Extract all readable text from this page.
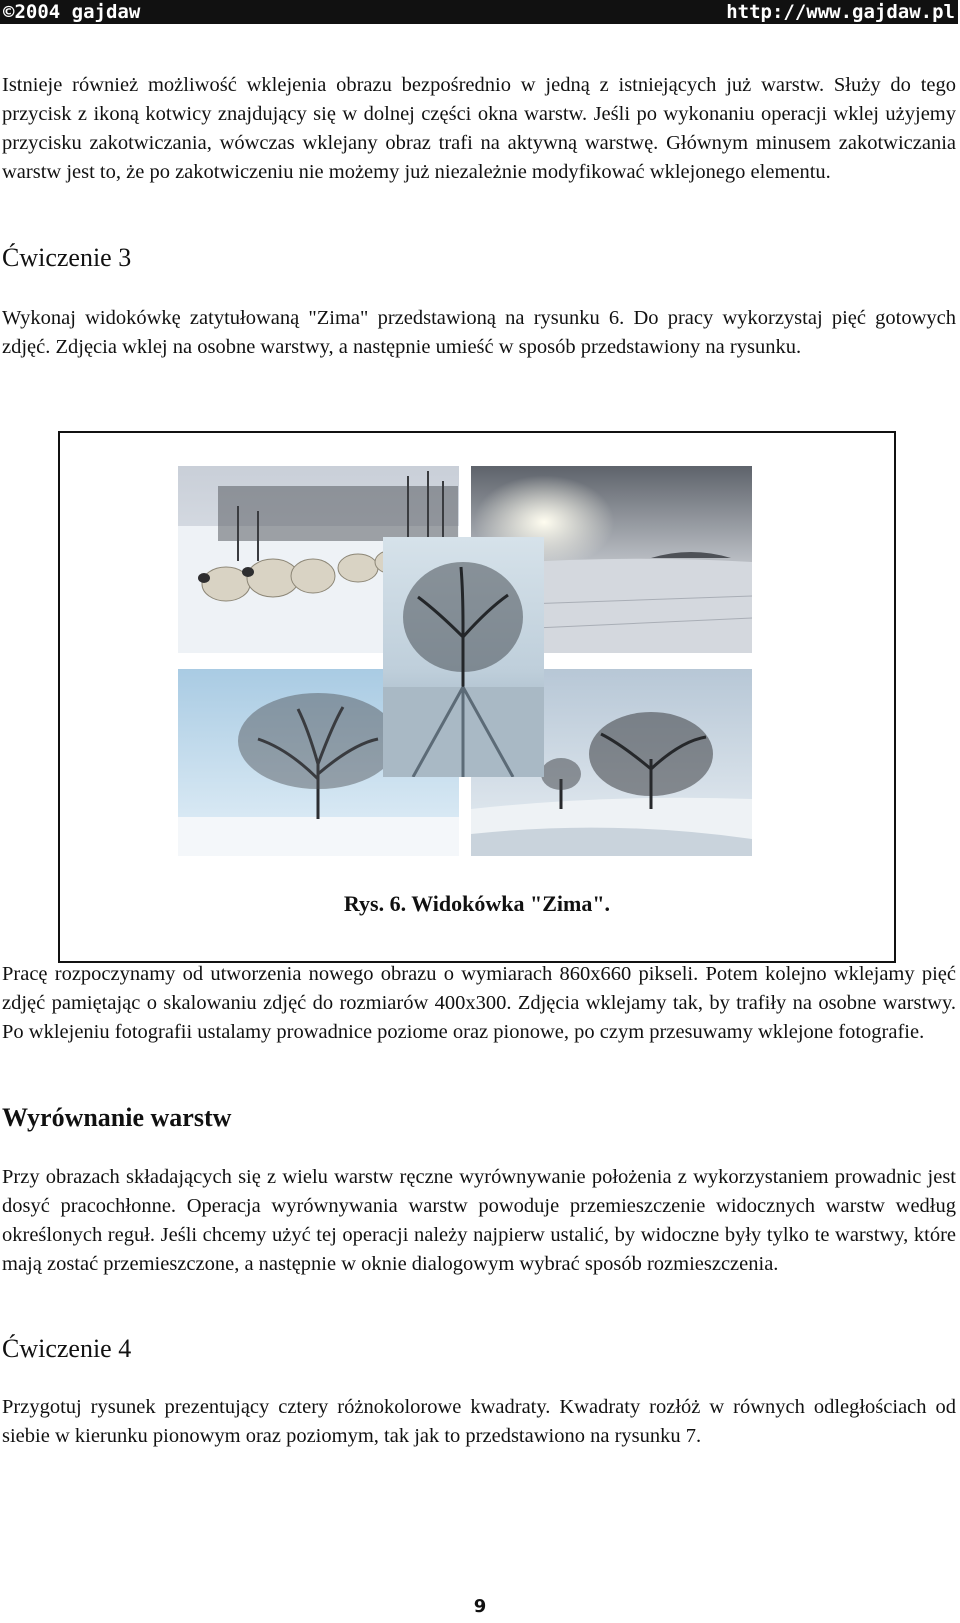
©2004 gajdaw	http://www.gajdaw.pl

Istnieje również możliwość wklejenia obrazu bezpośrednio w jedną z istniejących już warstw. Służy do tego przycisk z ikoną kotwicy znajdujący się w dolnej części okna warstw. Jeśli po wykonaniu operacji wklej użyjemy przycisku zakotwiczania, wówczas wklejany obraz trafi na aktywną warstwę. Głównym minusem zakotwiczania warstw jest to, że po zakotwiczeniu nie możemy już niezależnie modyfikować wklejonego elementu.

Ćwiczenie 3

Wykonaj widokówkę zatytułowaną "Zima" przedstawioną na rysunku 6. Do pracy wykorzystaj pięć gotowych zdjęć. Zdjęcia wklej na osobne warstwy, a następnie umieść w sposób przedstawiony na rysunku.

Rys. 6. Widokówka "Zima".

Pracę rozpoczynamy od utworzenia nowego obrazu o wymiarach 860x660 pikseli. Potem kolejno wklejamy pięć zdjęć pamiętając o skalowaniu zdjęć do rozmiarów 400x300. Zdjęcia wklejamy tak, by trafiły na osobne warstwy. Po wklejeniu fotografii ustalamy prowadnice poziome oraz pionowe, po czym przesuwamy wklejone fotografie.

Wyrównanie warstw

Przy obrazach składających się z wielu warstw ręczne wyrównywanie położenia z wykorzystaniem prowadnic jest dosyć pracochłonne. Operacja wyrównywania warstw powoduje przemieszczenie widocznych warstw według określonych reguł. Jeśli chcemy użyć tej operacji należy najpierw ustalić, by widoczne były tylko te warstwy, które mają zostać przemieszczone, a następnie w oknie dialogowym wybrać sposób rozmieszczenia.

Ćwiczenie 4

Przygotuj rysunek prezentujący cztery różnokolorowe kwadraty. Kwadraty rozłóż w równych odległościach od siebie w kierunku pionowym oraz poziomym, tak jak to przedstawiono na rysunku 7.

9
